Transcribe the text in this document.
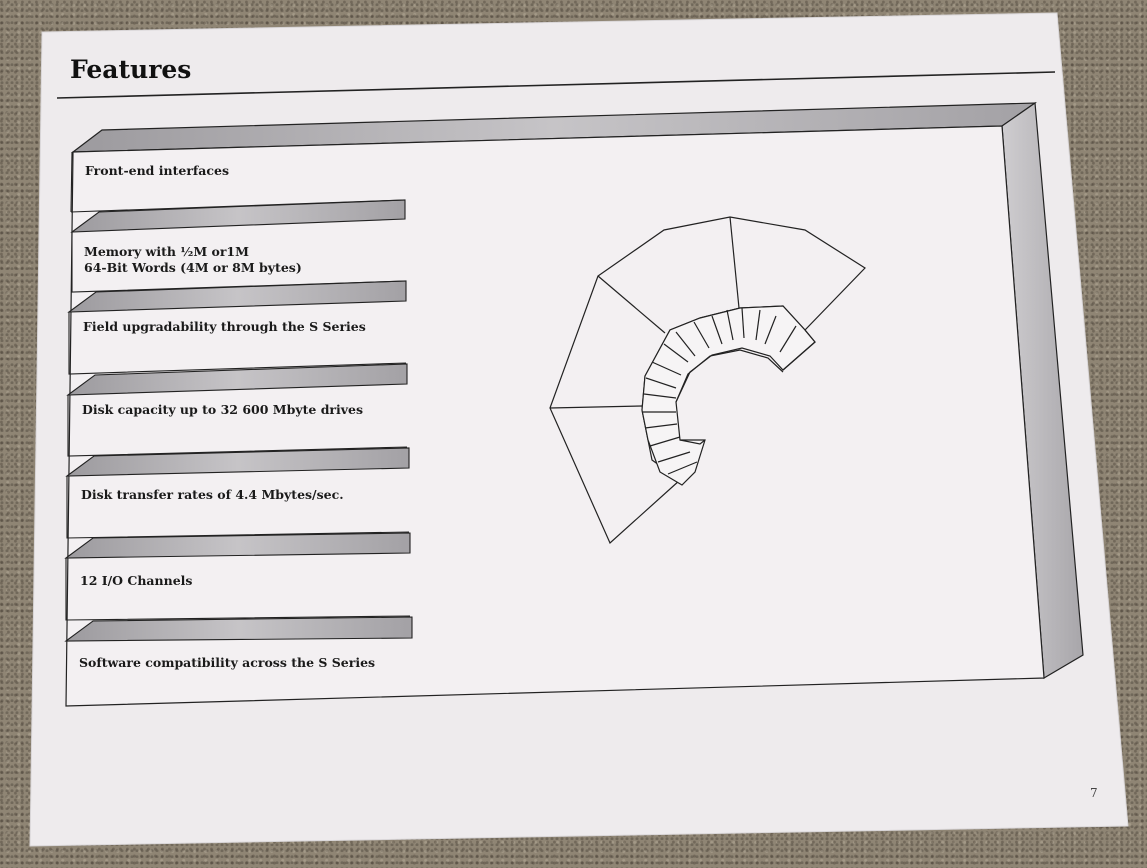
Features
Front-end interfaces
Memory with ½M or1M
64-Bit Words (4M or 8M bytes)
Field upgradability through the S Series
Disk capacity up to 32 600 Mbyte drives
Disk transfer rates of 4.4 Mbytes/sec.
12 I/O Channels
Software compatibility across the S Series
7
